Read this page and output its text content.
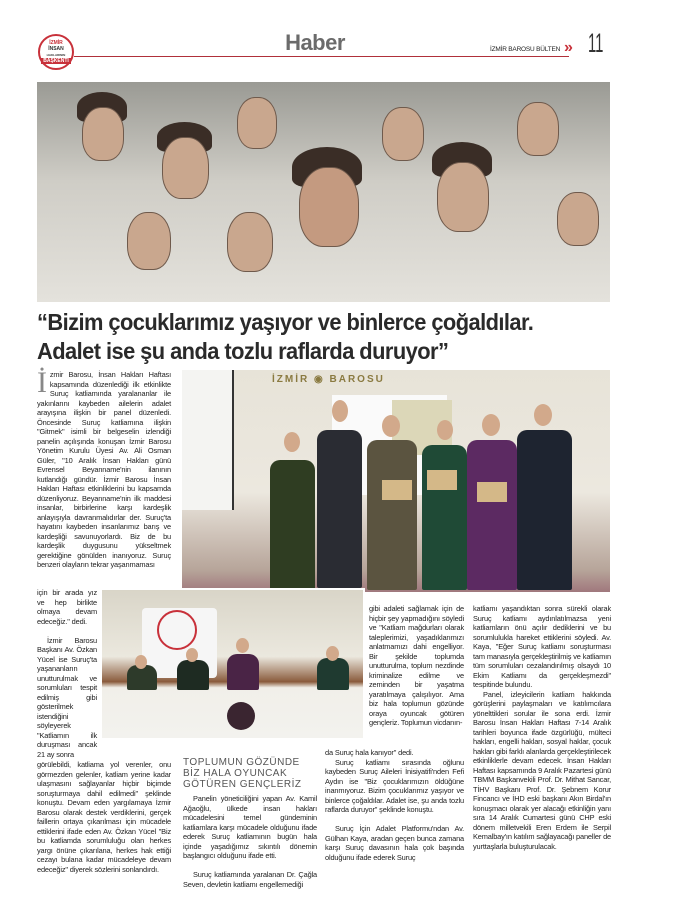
İZMİR
İNSAN
HAKLARININ
BAŞKENTİ
Haber	İZMİR BAROSU BÜLTEN » 11
“Bizim çocuklarımız yaşıyor ve binlerce çoğaldılar.
Adalet ise şu anda tozlu raflarda duruyor”
İZMİR ◉ BAROSU
İ zmir Barosu, İnsan Hakları Haftası kapsamında düzenlediği ilk etkinlikte Suruç katliamında yaralananlar ile yakınlarını kaybeden ailelerin adalet arayışına ilişkin bir panel düzenledi. Öncesinde Suruç katliamına ilişkin "Gitmek" isimli bir belgeselin izlendiği panelin açılışında konuşan İzmir Barosu Yönetim Kurulu Üyesi Av. Ali Osman Güler, "10 Aralık İnsan Hakları günü Evrensel Beyanname'nin ilanının kutlandığı gündür. İzmir Barosu İnsan Hakları Haftası etkinliklerini bu kapsamda düzenliyoruz. Beyanname'nin ilk maddesi insanlar, birbirlerine karşı kardeşlik anlayışıyla davranmalıdırlar der. Suruç'ta hayatını kaybeden insanlarımız barış ve kardeşliği savunuyorlardı. Biz de bu kardeşlik duygusunu yükseltmek gerektiğine gönülden inanıyoruz. Suruç benzeri olayların tekrar yaşanmaması
için bir arada yız ve hep birlikte olmaya devam edeceğiz." dedi.

İzmir Barosu Başkanı Av. Özkan Yücel ise Suruç'ta yaşananların unutturulmak ve sorumluları tespit edilmiş gibi gösterilmek istendiğini söyleyerek "Katliamın ilk duruşması ancak 21 ay sonra

görülebildi, katliama yol verenler, onu görmezden gelenler, katliam yerine kadar ulaşmasını sağlayanlar hiçbir biçimde soruşturmaya dahil edilmedi" şeklinde konuştu. Devam eden yargılamaya İzmir Barosu olarak destek verdiklerini, gerçek faillerin ortaya çıkarılması için mücadele ettiklerini ifade eden Av. Özkan Yücel "Biz bu katliamda sorumluluğu olan herkes yargı önüne çıkarılana, herkes hak ettiği cezayı bulana kadar mücadeleye devam edeceğiz" diyerek sözlerini sonlandırdı.
TOPLUMUN GÖZÜNDE BİZ HALA OYUNCAK GÖTÜREN GENÇLERİZ

Panelin yöneticiliğini yapan Av. Kamil Ağaoğlu, ülkede insan hakları mücadelesini temel gündeminin katliamlara karşı mücadele olduğunu ifade ederek Suruç katliamının bugün hala içinde yaşadığımız sıkıntılı dönemin başlangıcı olduğunu ifade etti.

Suruç katliamında yaralanan Dr. Çağla Seven, devletin katliamı engellemediği

gibi adaleti sağlamak için de hiçbir şey yapmadığını söyledi ve "Katliam mağdurları olarak taleplerimizi, yaşadıklarımızı anlatmamızı dahi engelliyor. Bir şekilde toplumda unutturulma, toplum nezdinde kriminalize edilme ve zeminden bir yaşatma yaratılmaya çalışılıyor. Ama biz hala toplumun gözünde oraya oyuncak götüren gençleriz. Toplumun vicdanın-
da Suruç hala kanıyor" dedi.

Suruç katliamı sırasında oğlunu kaybeden Suruç Aileleri İnisiyatifi'nden Fefi Aydın ise "Biz çocuklarımızın öldüğüne inanmıyoruz. Bizim çocuklarımız yaşıyor ve binlerce çoğaldılar. Adalet ise, şu anda tozlu raflarda duruyor" şeklinde konuştu.

Suruç İçin Adalet Platformu'ndan Av. Gülhan Kaya, aradan geçen bunca zamana karşı Suruç davasının hala çok başında olduğunu ifade ederek Suruç

katliamı yaşandıktan sonra sürekli olarak Suruç katliamı aydınlatılmazsa yeni katliamların önü açılır dediklerini ve bu sorumlulukla hareket ettiklerini söyledi. Av. Kaya, "Eğer Suruç katliamı soruşturması tam manasıyla gerçekleştirilmiş ve katliamın tüm sorumluları cezalandırılmış olsaydı 10 Ekim Katliamı da gerçekleşmezdi" tespitinde bulundu.

Panel, izleyicilerin katliam hakkında görüşlerini paylaşmaları ve katılımcılara yönelttikleri sorular ile sona erdi. İzmir Barosu İnsan Hakları Haftası 7-14 Aralık tarihleri boyunca ifade özgürlüğü, mülteci hakları, engelli hakları, sosyal haklar, çocuk hakları gibi farklı alanlarda gerçekleştirilecek etkinliklerle devam edecek. İnsan Hakları Haftası kapsamında 9 Aralık Pazartesi günü TBMM Başkanvekili Prof. Dr. Mithat Sancar, TİHV Başkanı Prof. Dr. Şebnem Korur Fincancı ve İHD eski başkanı Akın Birdal'ın konuşmacı olarak yer alacağı etkinliğin yanı sıra 14 Aralık Cumartesi günü CHP eski dönem milletvekili Eren Erdem ile Serpil Kemalbay'ın katılım sağlayacağı paneller de yurttaşlarla buluşturulacak.
